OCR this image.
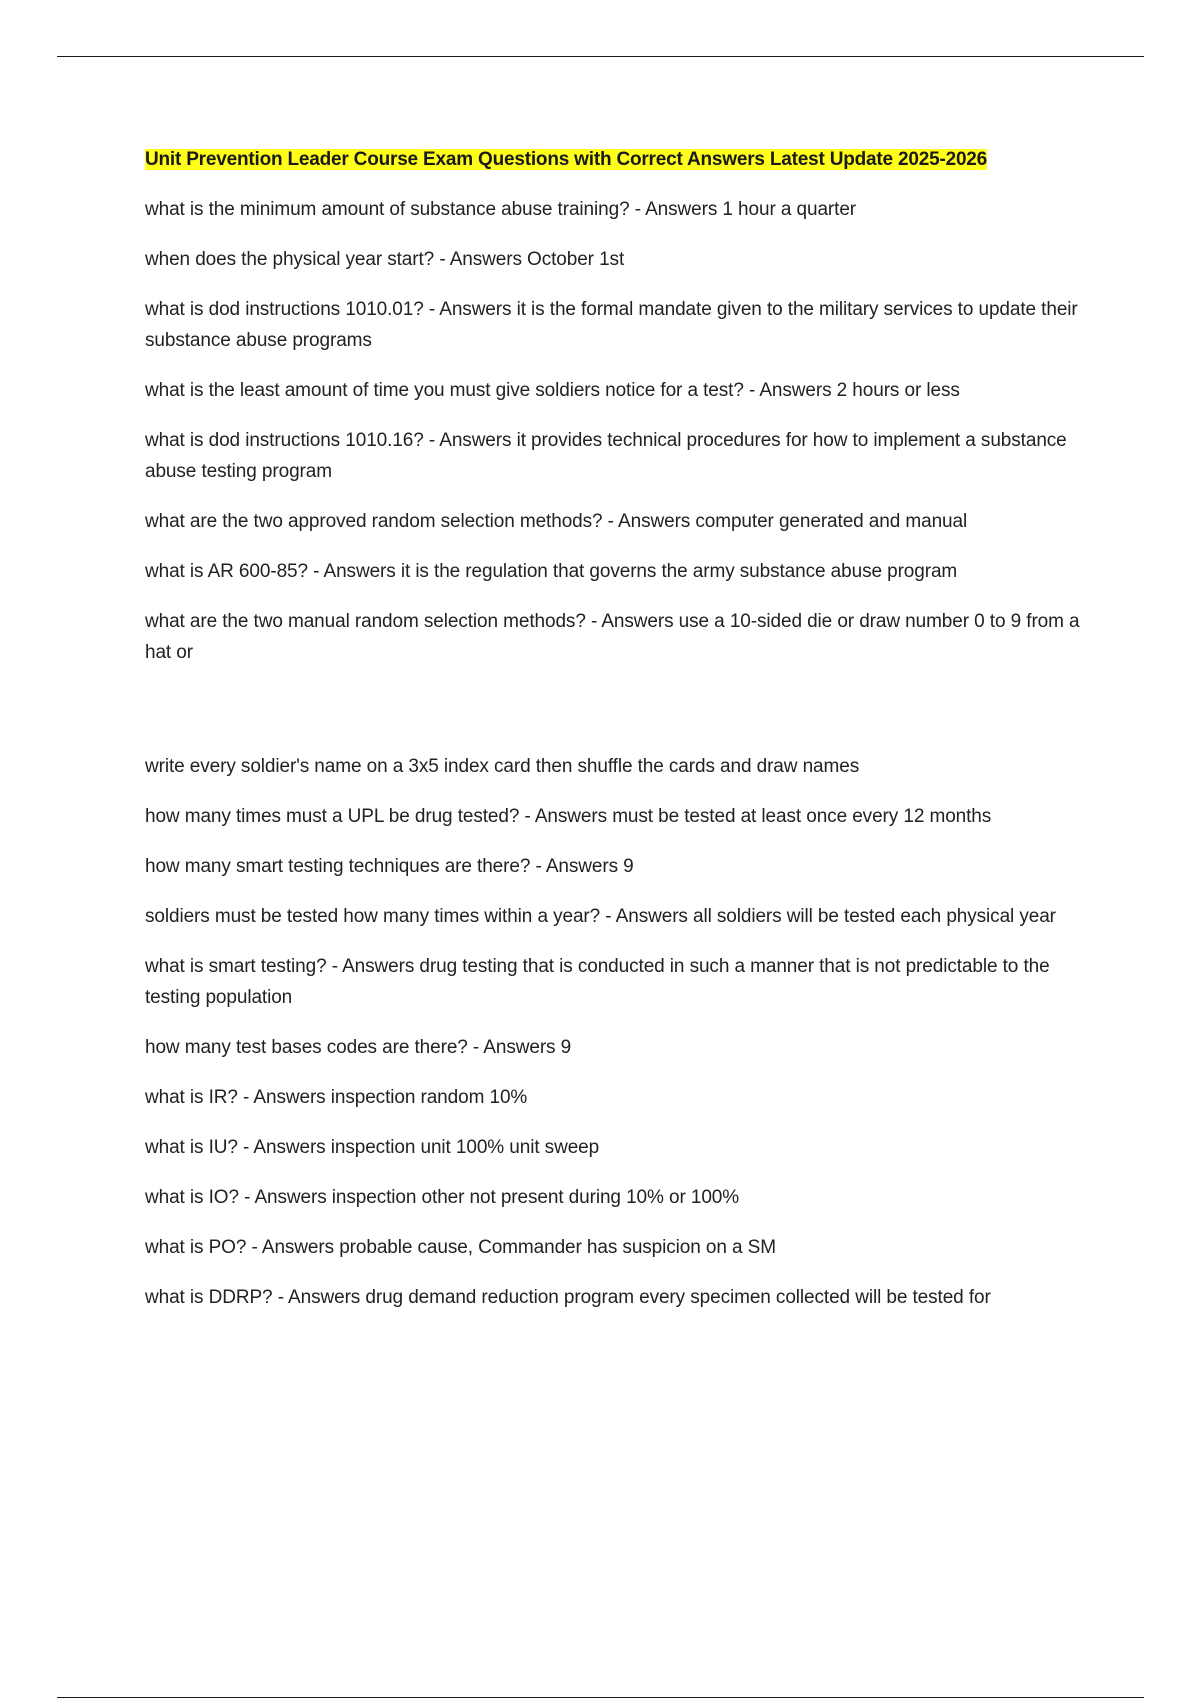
Unit Prevention Leader Course Exam Questions with Correct Answers Latest Update 2025-2026

what is the minimum amount of substance abuse training? - Answers 1 hour a quarter

when does the physical year start? - Answers October 1st

what is dod instructions 1010.01? - Answers it is the formal mandate given to the military services to update their substance abuse programs

what is the least amount of time you must give soldiers notice for a test? - Answers 2 hours or less

what is dod instructions 1010.16? - Answers it provides technical procedures for how to implement a substance abuse testing program

what are the two approved random selection methods? - Answers computer generated and manual

what is AR 600-85? - Answers it is the regulation that governs the army substance abuse program

what are the two manual random selection methods? - Answers use a 10-sided die or draw number 0 to 9 from a hat or

write every soldier's name on a 3x5 index card then shuffle the cards and draw names

how many times must a UPL be drug tested? - Answers must be tested at least once every 12 months

how many smart testing techniques are there? - Answers 9

soldiers must be tested how many times within a year? - Answers all soldiers will be tested each physical year

what is smart testing? - Answers drug testing that is conducted in such a manner that is not predictable to the testing population

how many test bases codes are there? - Answers 9

what is IR? - Answers inspection random 10%

what is IU? - Answers inspection unit 100% unit sweep

what is IO? - Answers inspection other not present during 10% or 100%

what is PO? - Answers probable cause, Commander has suspicion on a SM

what is DDRP? - Answers drug demand reduction program every specimen collected will be tested for
